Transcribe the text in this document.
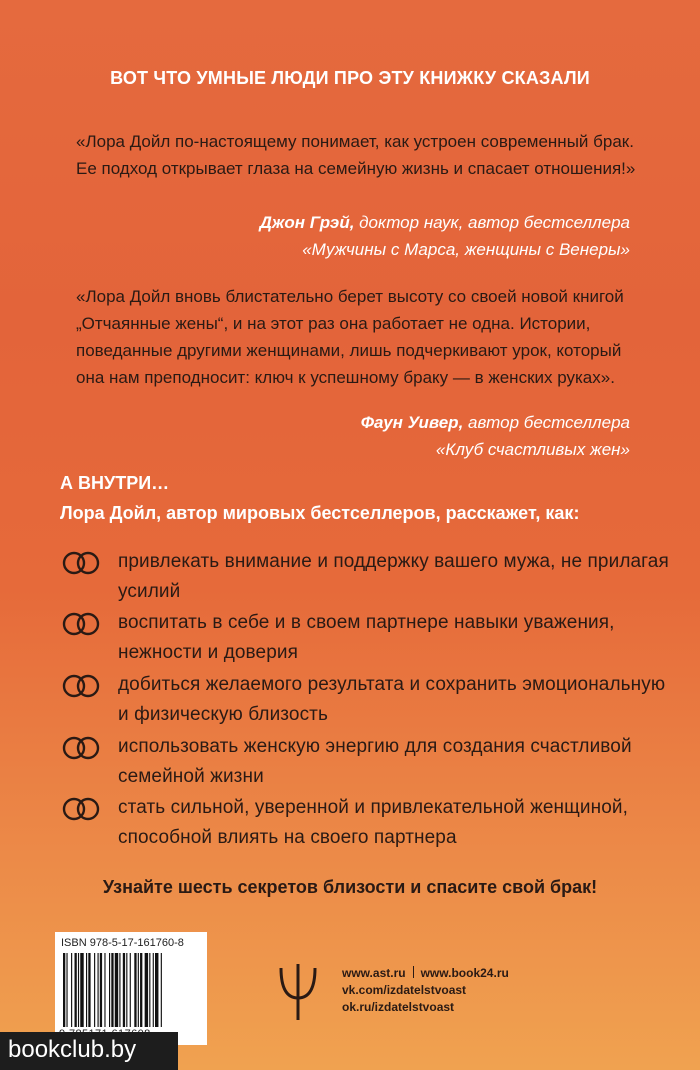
ВОТ ЧТО УМНЫЕ ЛЮДИ ПРО ЭТУ КНИЖКУ СКАЗАЛИ
«Лора Дойл по-настоящему понимает, как устроен современный брак. Ее подход открывает глаза на семейную жизнь и спасает отношения!»
Джон Грэй, доктор наук, автор бестселлера
«Мужчины с Марса, женщины с Венеры»
«Лора Дойл вновь блистательно берет высоту со своей новой книгой „Отчаянные жены“, и на этот раз она работает не одна. Истории, поведанные другими женщинами, лишь подчеркивают урок, который она нам преподносит: ключ к успешному браку — в женских руках».
Фаун Уивер, автор бестселлера
«Клуб счастливых жен»
А ВНУТРИ…
Лора Дойл, автор мировых бестселлеров, расскажет, как:
привлекать внимание и поддержку вашего мужа, не прилагая усилий
воспитать в себе и в своем партнере навыки уважения, нежности и доверия
добиться желаемого результата и сохранить эмоциональную и физическую близость
использовать женскую энергию для создания счастливой семейной жизни
стать сильной, уверенной и привлекательной женщиной, способной влиять на своего партнера
Узнайте шесть секретов близости и спасите свой брак!
ISBN 978-5-17-161760-8
www.ast.ru www.book24.ru
vk.com/izdatelstvoast
ok.ru/izdatelstvoast
bookclub.by
